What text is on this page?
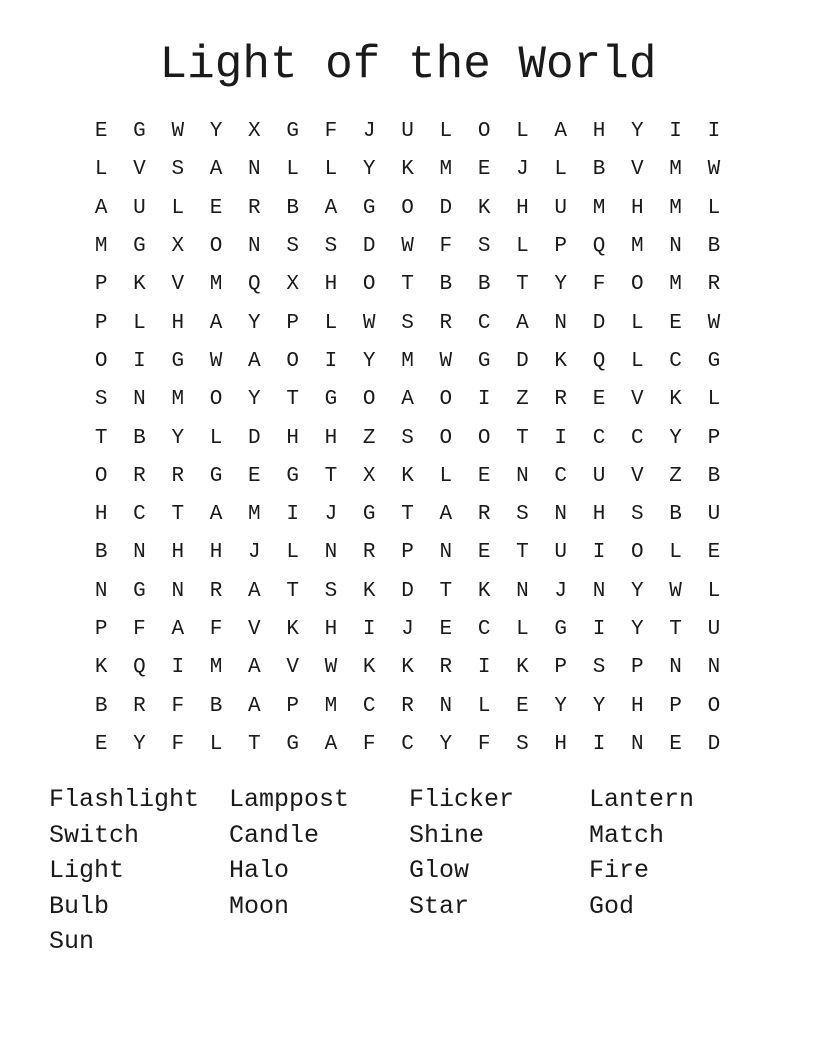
Light of the World
E	G	W	Y	X	G	F	J	U	L	O	L	A	H	Y	I	I
L	V	S	A	N	L	L	Y	K	M	E	J	L	B	V	M	W
A	U	L	E	R	B	A	G	O	D	K	H	U	M	H	M	L
M	G	X	O	N	S	S	D	W	F	S	L	P	Q	M	N	B
P	K	V	M	Q	X	H	O	T	B	B	T	Y	F	O	M	R
P	L	H	A	Y	P	L	W	S	R	C	A	N	D	L	E	W
O	I	G	W	A	O	I	Y	M	W	G	D	K	Q	L	C	G
S	N	M	O	Y	T	G	O	A	O	I	Z	R	E	V	K	L
T	B	Y	L	D	H	H	Z	S	O	O	T	I	C	C	Y	P
O	R	R	G	E	G	T	X	K	L	E	N	C	U	V	Z	B
H	C	T	A	M	I	J	G	T	A	R	S	N	H	S	B	U
B	N	H	H	J	L	N	R	P	N	E	T	U	I	O	L	E
N	G	N	R	A	T	S	K	D	T	K	N	J	N	Y	W	L
P	F	A	F	V	K	H	I	J	E	C	L	G	I	Y	T	U
K	Q	I	M	A	V	W	K	K	R	I	K	P	S	P	N	N
B	R	F	B	A	P	M	C	R	N	L	E	Y	Y	H	P	O
E	Y	F	L	T	G	A	F	C	Y	F	S	H	I	N	E	D
Flashlight	Lamppost	Flicker	Lantern
Switch	Candle	Shine	Match
Light	Halo	Glow	Fire
Bulb	Moon	Star	God
Sun
